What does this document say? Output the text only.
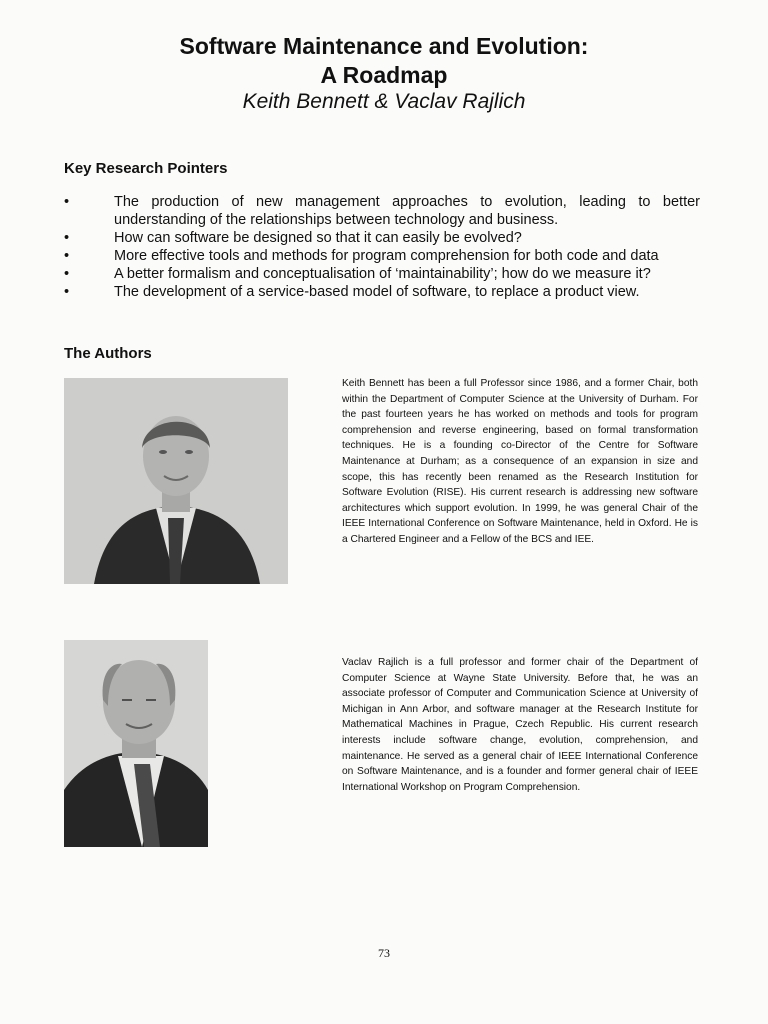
Software Maintenance and Evolution:
A Roadmap
Keith Bennett & Vaclav Rajlich
Key Research Pointers
•	The production of new management approaches to evolution, leading to better understanding of the relationships between technology and business.
•	How can software be designed so that it can easily be evolved?
•	More effective tools and methods for program comprehension for both code and data
•	A better formalism and conceptualisation of ‘maintainability’; how do we measure it?
•	The development of a service-based model of software, to replace a product view.
The Authors
Keith Bennett has been a full Professor since 1986, and a former Chair, both within the Department of Computer Science at the University of Durham. For the past fourteen years he has worked on methods and tools for program comprehension and reverse engineering, based on formal transformation techniques. He is a founding co-Director of the Centre for Software Maintenance at Durham; as a consequence of an expansion in size and scope, this has recently been renamed as the Research Institution for Software Evolution (RISE). His current research is addressing new software architectures which support evolution. In 1999, he was general Chair of the IEEE International Conference on Software Maintenance, held in Oxford. He is a Chartered Engineer and a Fellow of the BCS and IEE.
Vaclav Rajlich is a full professor and former chair of the Department of Computer Science at Wayne State University. Before that, he was an associate professor of Computer and Communication Science at University of Michigan in Ann Arbor, and software manager at the Research Institute for Mathematical Machines in Prague, Czech Republic. His current research interests include software change, evolution, comprehension, and maintenance. He served as a general chair of IEEE International Conference on Software Maintenance, and is a founder and former general chair of IEEE International Workshop on Program Comprehension.
73
